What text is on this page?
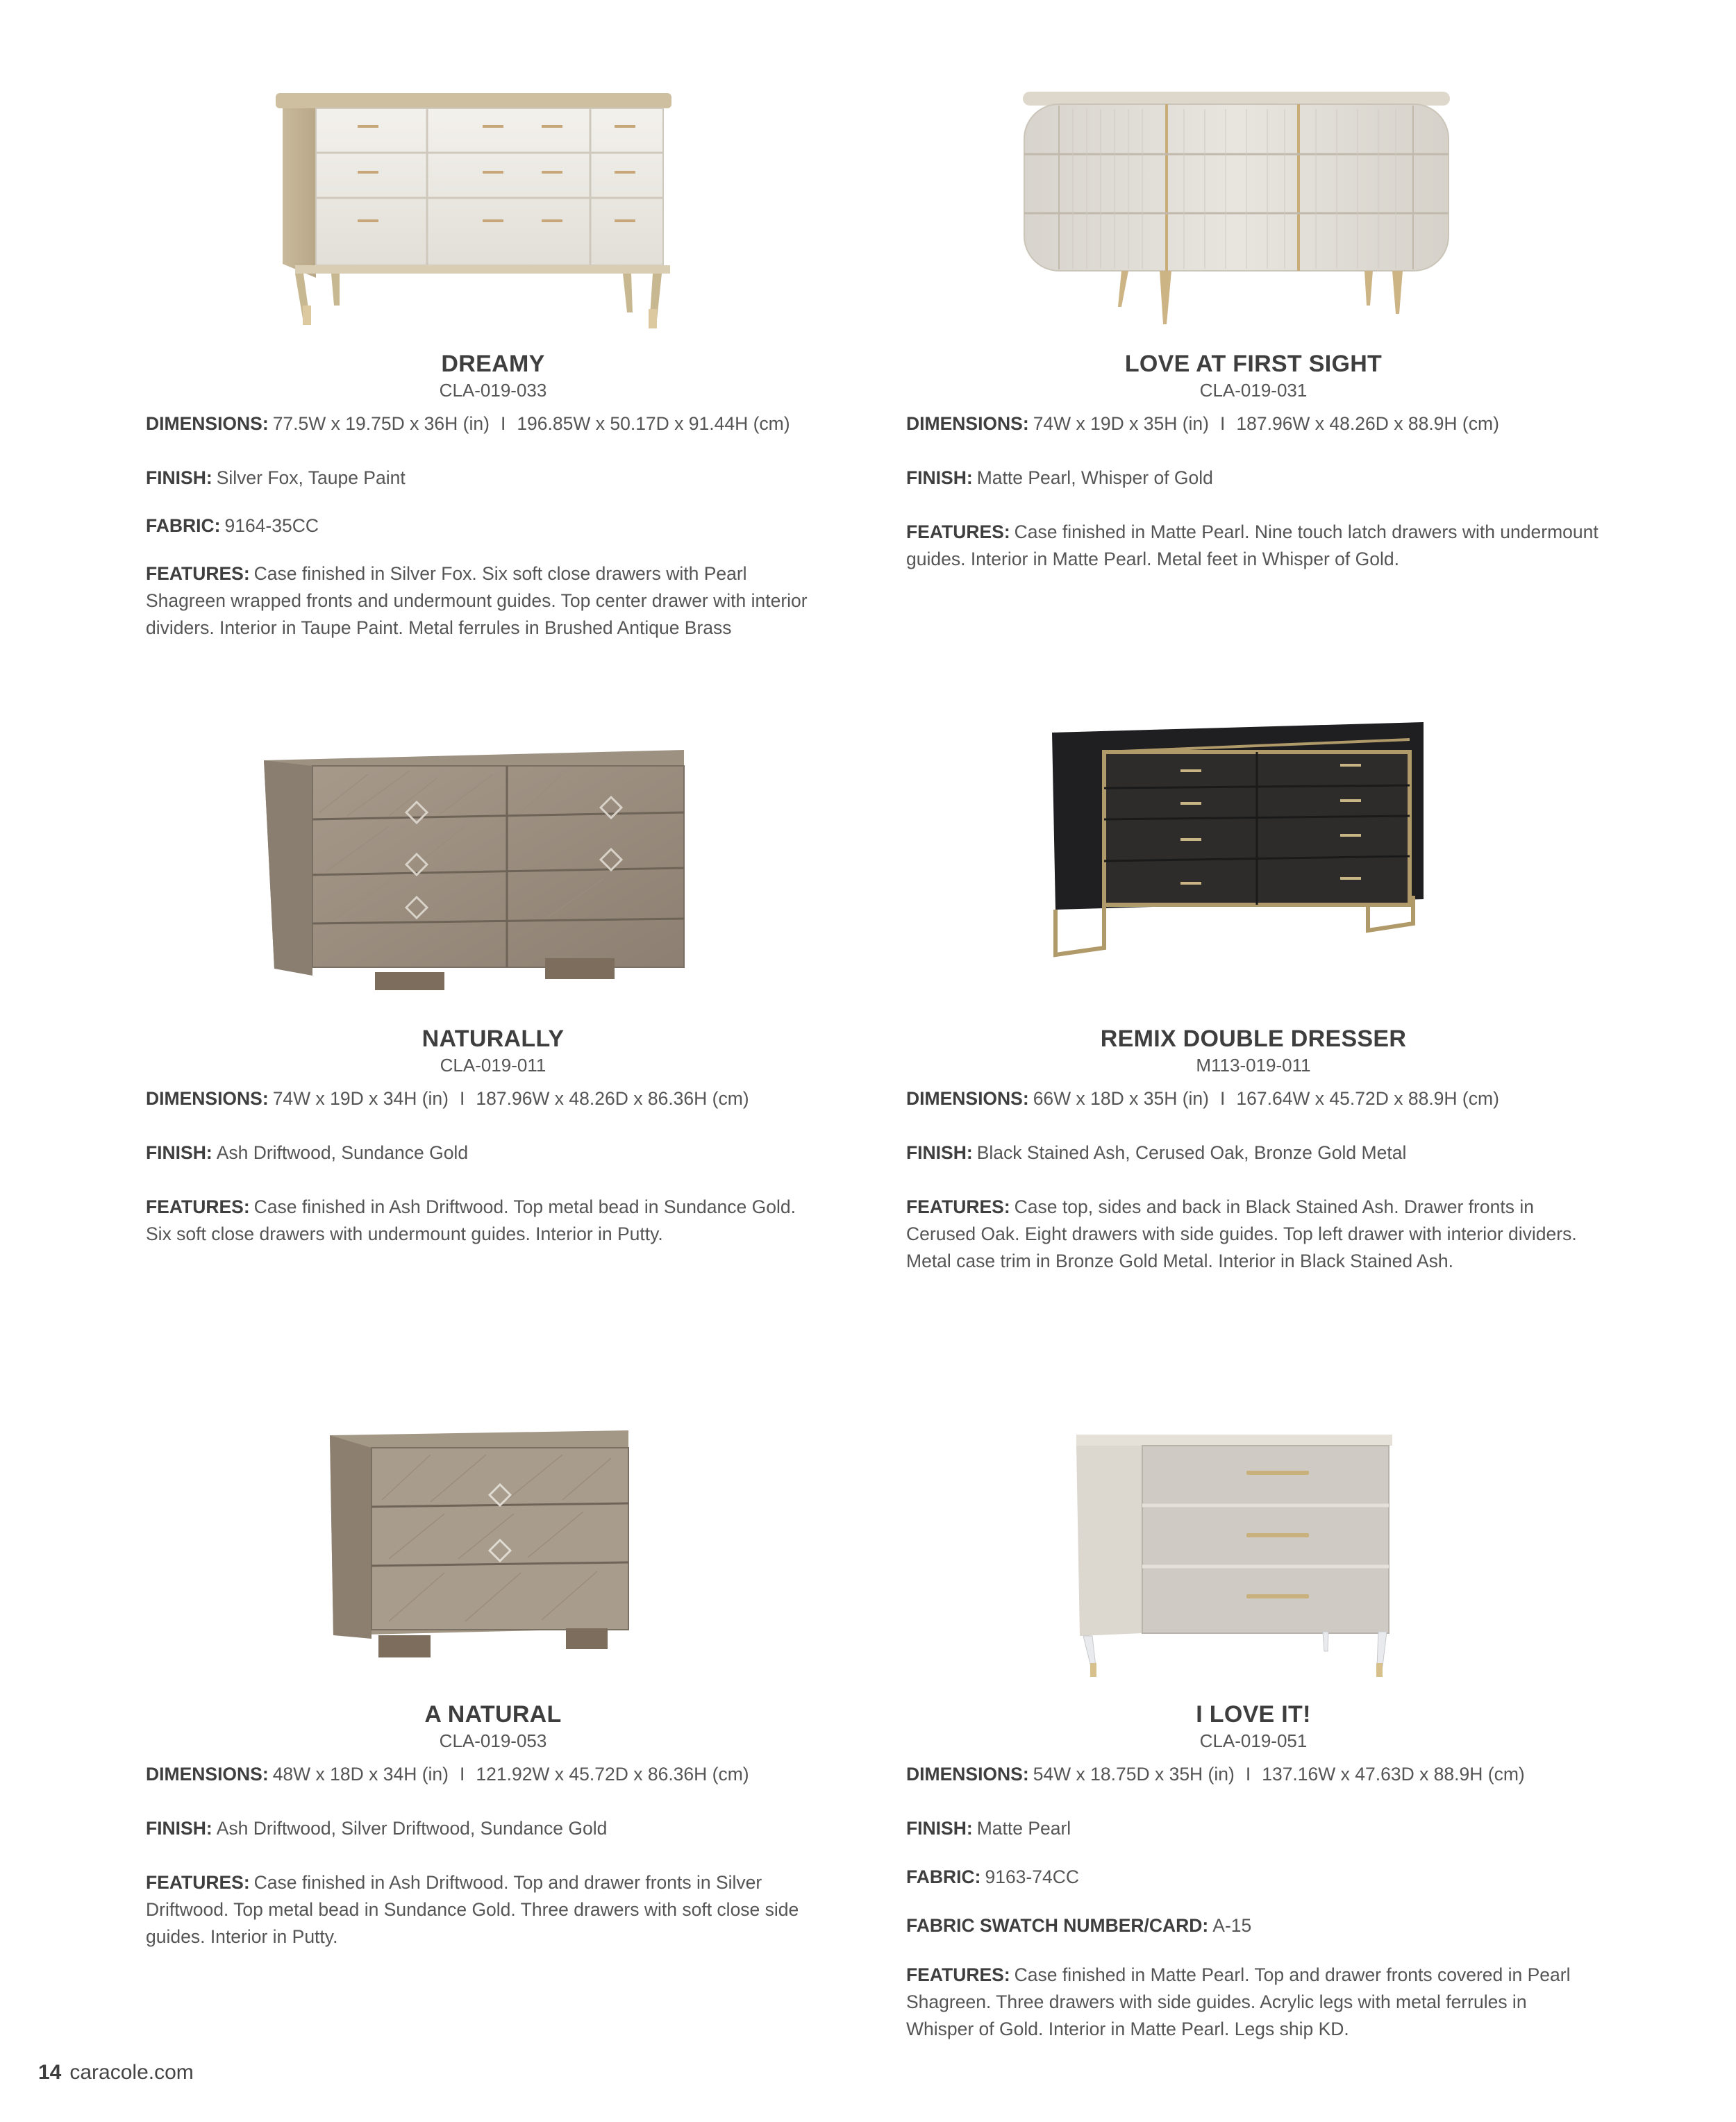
DREAMY
CLA-019-033
DIMENSIONS: 77.5W x 19.75D x 36H (in) I 196.85W x 50.17D x 91.44H (cm)
FINISH: Silver Fox, Taupe Paint
FABRIC: 9164-35CC
FEATURES: Case finished in Silver Fox. Six soft close drawers with Pearl Shagreen wrapped fronts and undermount guides. Top center drawer with interior dividers. Interior in Taupe Paint. Metal ferrules in Brushed Antique Brass
LOVE AT FIRST SIGHT
CLA-019-031
DIMENSIONS: 74W x 19D x 35H (in) I 187.96W x 48.26D x 88.9H (cm)
FINISH: Matte Pearl, Whisper of Gold
FEATURES: Case finished in Matte Pearl. Nine touch latch drawers with undermount guides. Interior in Matte Pearl. Metal feet in Whisper of Gold.
NATURALLY
CLA-019-011
DIMENSIONS: 74W x 19D x 34H (in) I 187.96W x 48.26D x 86.36H (cm)
FINISH: Ash Driftwood, Sundance Gold
FEATURES: Case finished in Ash Driftwood. Top metal bead in Sundance Gold. Six soft close drawers with undermount guides. Interior in Putty.
REMIX DOUBLE DRESSER
M113-019-011
DIMENSIONS: 66W x 18D x 35H (in) I 167.64W x 45.72D x 88.9H (cm)
FINISH: Black Stained Ash, Cerused Oak, Bronze Gold Metal
FEATURES: Case top, sides and back in Black Stained Ash. Drawer fronts in Cerused Oak. Eight drawers with side guides. Top left drawer with interior dividers. Metal case trim in Bronze Gold Metal. Interior in Black Stained Ash.
A NATURAL
CLA-019-053
DIMENSIONS: 48W x 18D x 34H (in) I 121.92W x 45.72D x 86.36H (cm)
FINISH: Ash Driftwood, Silver Driftwood, Sundance Gold
FEATURES: Case finished in Ash Driftwood. Top and drawer fronts in Silver Driftwood. Top metal bead in Sundance Gold. Three drawers with soft close side guides. Interior in Putty.
I LOVE IT!
CLA-019-051
DIMENSIONS: 54W x 18.75D x 35H (in) I 137.16W x 47.63D x 88.9H (cm)
FINISH: Matte Pearl
FABRIC: 9163-74CC
FABRIC SWATCH NUMBER/CARD: A-15
FEATURES: Case finished in Matte Pearl. Top and drawer fronts covered in Pearl Shagreen. Three drawers with side guides. Acrylic legs with metal ferrules in Whisper of Gold. Interior in Matte Pearl. Legs ship KD.
14 caracole.com
